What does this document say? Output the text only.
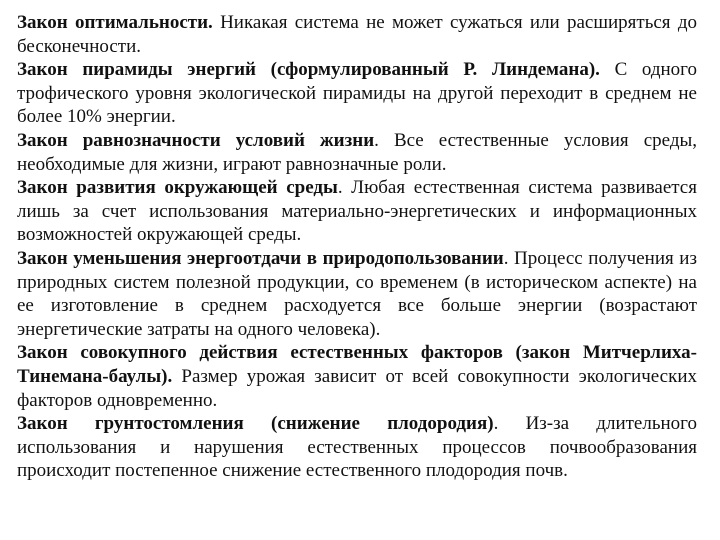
Закон оптимальности. Никакая система не может сужаться или расширяться до бесконечности.

Закон пирамиды энергий (сформулированный Р. Линдемана). С одного трофического уровня экологической пирамиды на другой переходит в среднем не более 10% энергии.

Закон равнозначности условий жизни. Все естественные условия среды, необходимые для жизни, играют равнозначные роли.

Закон развития окружающей среды. Любая естественная система развивается лишь за счет использования материально-энергетических и информационных возможностей окружающей среды.

Закон уменьшения энергоотдачи в природопользовании. Процесс получения из природных систем полезной продукции, со временем (в историческом аспекте) на ее изготовление в среднем расходуется все больше энергии (возрастают энергетические затраты на одного человека).

Закон совокупного действия естественных факторов (закон Митчерлиха-Тинемана-баулы). Размер урожая зависит от всей совокупности экологических факторов одновременно.

Закон грунтостомления (снижение плодородия). Из-за длительного использования и нарушения естественных процессов почвообразования происходит постепенное снижение естественного плодородия почв.
